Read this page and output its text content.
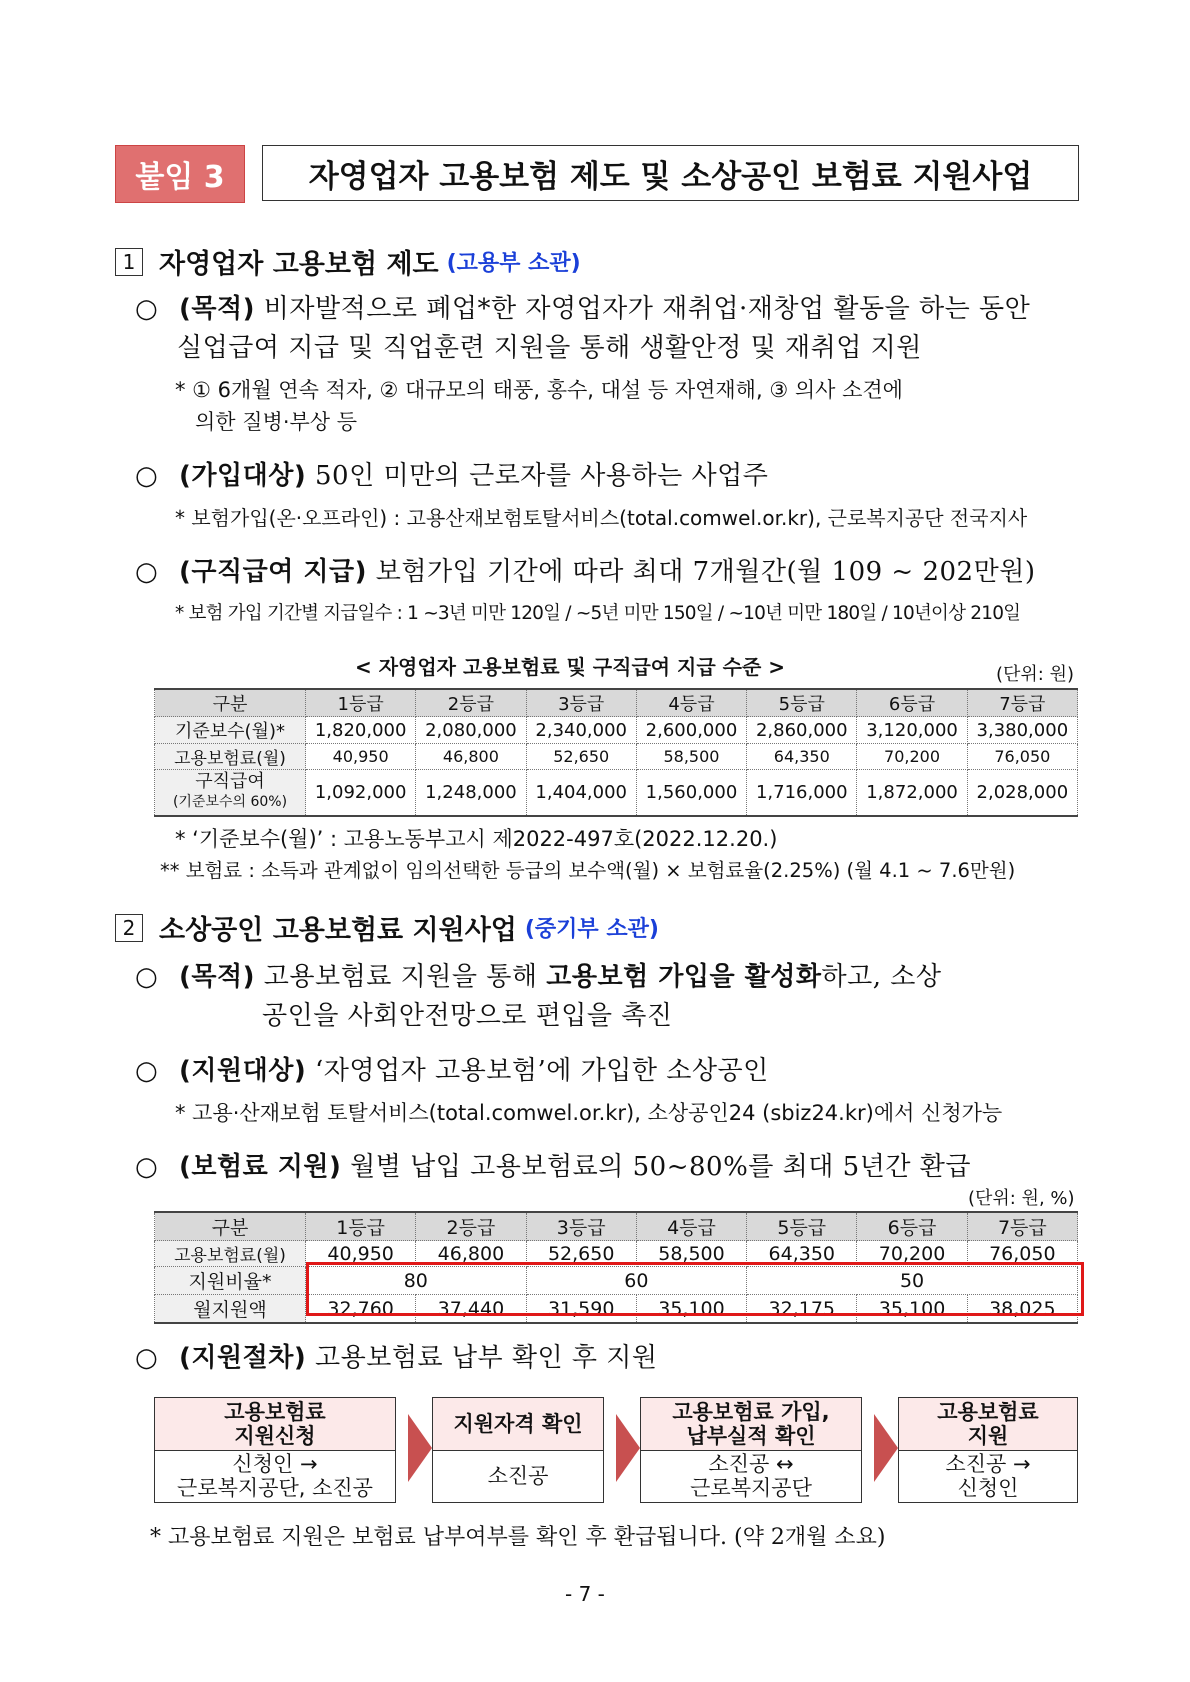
붙임 3	자영업자 고용보험 제도 및 소상공인 보험료 지원사업
1 자영업자 고용보험 제도 (고용부 소관)
○ (목적) 비자발적으로 폐업*한 자영업자가 재취업·재창업 활동을 하는 동안
실업급여 지급 및 직업훈련 지원을 통해 생활안정 및 재취업 지원
* ① 6개월 연속 적자, ② 대규모의 태풍, 홍수, 대설 등 자연재해, ③ 의사 소견에
의한 질병·부상 등
○ (가입대상) 50인 미만의 근로자를 사용하는 사업주
* 보험가입(온·오프라인) : 고용산재보험토탈서비스(total.comwel.or.kr), 근로복지공단 전국지사
○ (구직급여 지급) 보험가입 기간에 따라 최대 7개월간(월 109 ~ 202만원)
* 보험 가입 기간별 지급일수 : 1 ~3년 미만 120일 / ~5년 미만 150일 / ~10년 미만 180일 / 10년이상 210일
< 자영업자 고용보험료 및 구직급여 지급 수준 >	(단위: 원)
구분	1등급	2등급	3등급	4등급	5등급	6등급	7등급
기준보수(월)*	1,820,000	2,080,000	2,340,000	2,600,000	2,860,000	3,120,000	3,380,000
고용보험료(월)	40,950	46,800	52,650	58,500	64,350	70,200	76,050

구직급여
(기준보수의 60%)	1,092,000	1,248,000	1,404,000	1,560,000	1,716,000	1,872,000	2,028,000
* ‘기준보수(월)’ : 고용노동부고시 제2022-497호(2022.12.20.)
** 보험료 : 소득과 관계없이 임의선택한 등급의 보수액(월) × 보험료율(2.25%) (월 4.1 ~ 7.6만원)
2 소상공인 고용보험료 지원사업 (중기부 소관)
○ (목적) 고용보험료 지원을 통해 고용보험 가입을 활성화하고, 소상
공인을 사회안전망으로 편입을 촉진
○ (지원대상) ‘자영업자 고용보험’에 가입한 소상공인
* 고용·산재보험 토탈서비스(total.comwel.or.kr), 소상공인24 (sbiz24.kr)에서 신청가능
○ (보험료 지원) 월별 납입 고용보험료의 50~80%를 최대 5년간 환급
(단위: 원, %)
구분	1등급	2등급	3등급	4등급	5등급	6등급	7등급
고용보험료(월)	40,950	46,800	52,650	58,500	64,350	70,200	76,050
지원비율*	80		60		50		
월지원액	32,760	37,440	31,590	35,100	32,175	35,100	38,025
○ (지원절차) 고용보험료 납부 확인 후 지원
고용보험료
지원신청
신청인 →
근로복지공단, 소진공
지원자격 확인
소진공
고용보험료 가입,
납부실적 확인
소진공 ↔
근로복지공단
고용보험료
지원
소진공 →
신청인
* 고용보험료 지원은 보험료 납부여부를 확인 후 환급됩니다. (약 2개월 소요)
- 7 -
